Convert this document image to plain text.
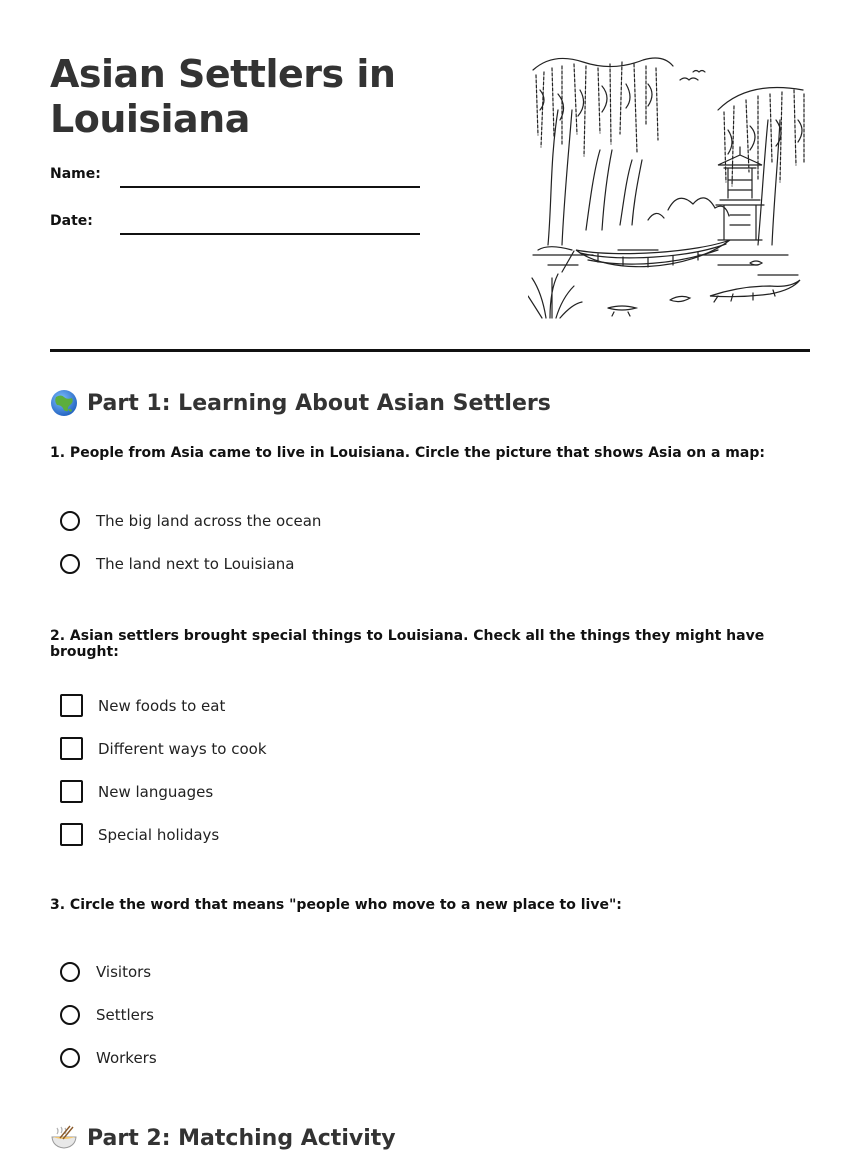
Asian Settlers in Louisiana
Name:
Date:
Part 1: Learning About Asian Settlers

1. People from Asia came to live in Louisiana. Circle the picture that shows Asia on a map:

The big land across the ocean
The land next to Louisiana

2. Asian settlers brought special things to Louisiana. Check all the things they might have brought:

New foods to eat
Different ways to cook
New languages
Special holidays

3. Circle the word that means "people who move to a new place to live":

Visitors
Settlers
Workers
Part 2: Matching Activity
